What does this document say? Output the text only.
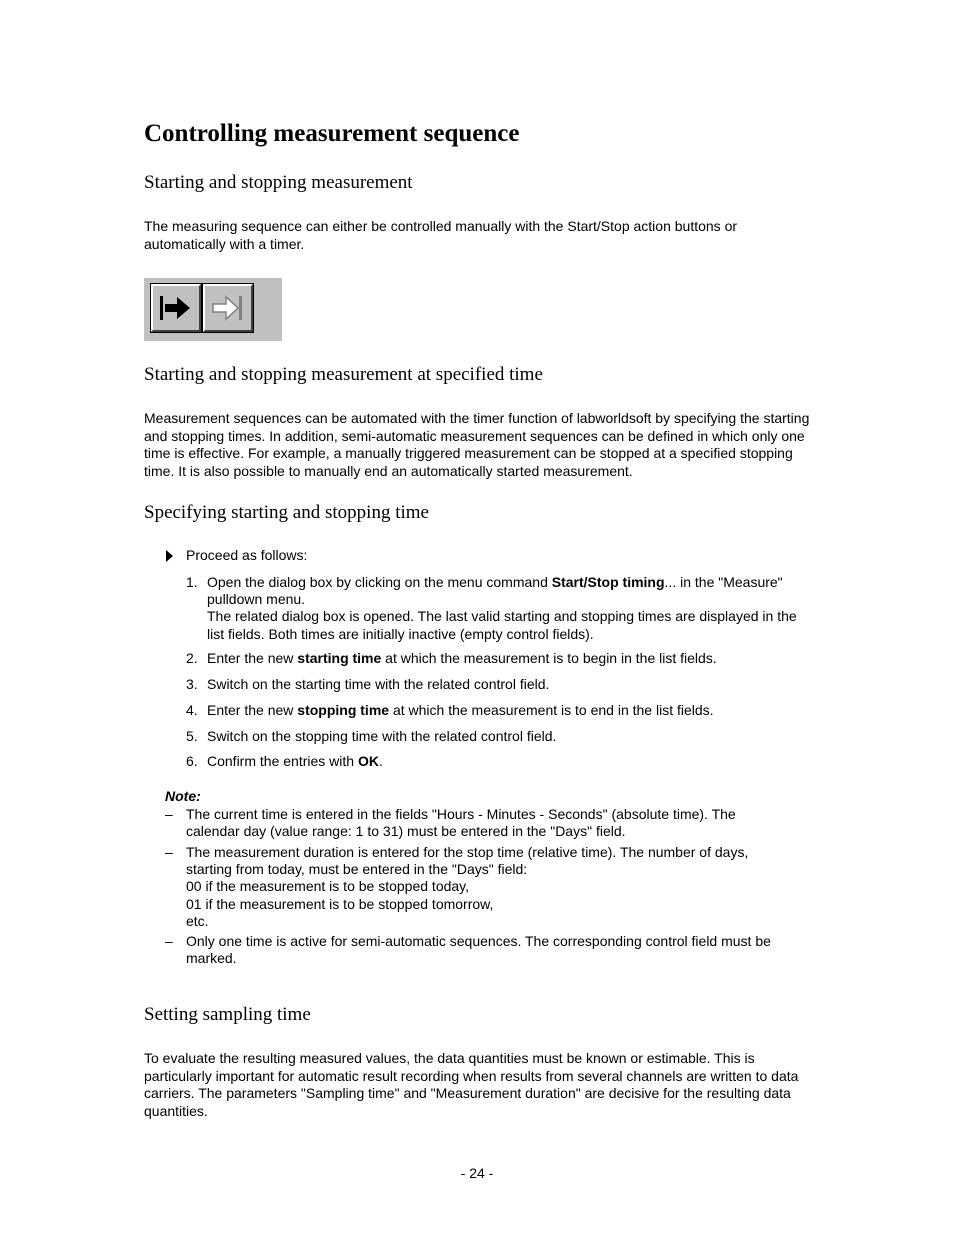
Controlling measurement sequence
Starting and stopping measurement

The measuring sequence can either be controlled manually with the Start/Stop action buttons or automatically with a timer.

Starting and stopping measurement at specified time

Measurement sequences can be automated with the timer function of labworldsoft by specifying the starting and stopping times. In addition, semi-automatic measurement sequences can be defined in which only one time is effective. For example, a manually triggered measurement can be stopped at a specified stopping time. It is also possible to manually end an automatically started measurement.

Specifying starting and stopping time
Proceed as follows:
1. Open the dialog box by clicking on the menu command Start/Stop timing... in the "Measure" pulldown menu.
The related dialog box is opened. The last valid starting and stopping times are displayed in the list fields. Both times are initially inactive (empty control fields).
2. Enter the new starting time at which the measurement is to begin in the list fields.
3. Switch on the starting time with the related control field.
4. Enter the new stopping time at which the measurement is to end in the list fields.
5. Switch on the stopping time with the related control field.
6. Confirm the entries with OK.
Note:
– The current time is entered in the fields "Hours - Minutes - Seconds" (absolute time). The calendar day (value range: 1 to 31) must be entered in the "Days" field.
– The measurement duration is entered for the stop time (relative time). The number of days, starting from today, must be entered in the "Days" field:
00 if the measurement is to be stopped today,
01 if the measurement is to be stopped tomorrow,
etc.
– Only one time is active for semi-automatic sequences. The corresponding control field must be marked.
Setting sampling time

To evaluate the resulting measured values, the data quantities must be known or estimable. This is particularly important for automatic result recording when results from several channels are written to data carriers. The parameters "Sampling time" and "Measurement duration" are decisive for the resulting data quantities.

- 24 -
